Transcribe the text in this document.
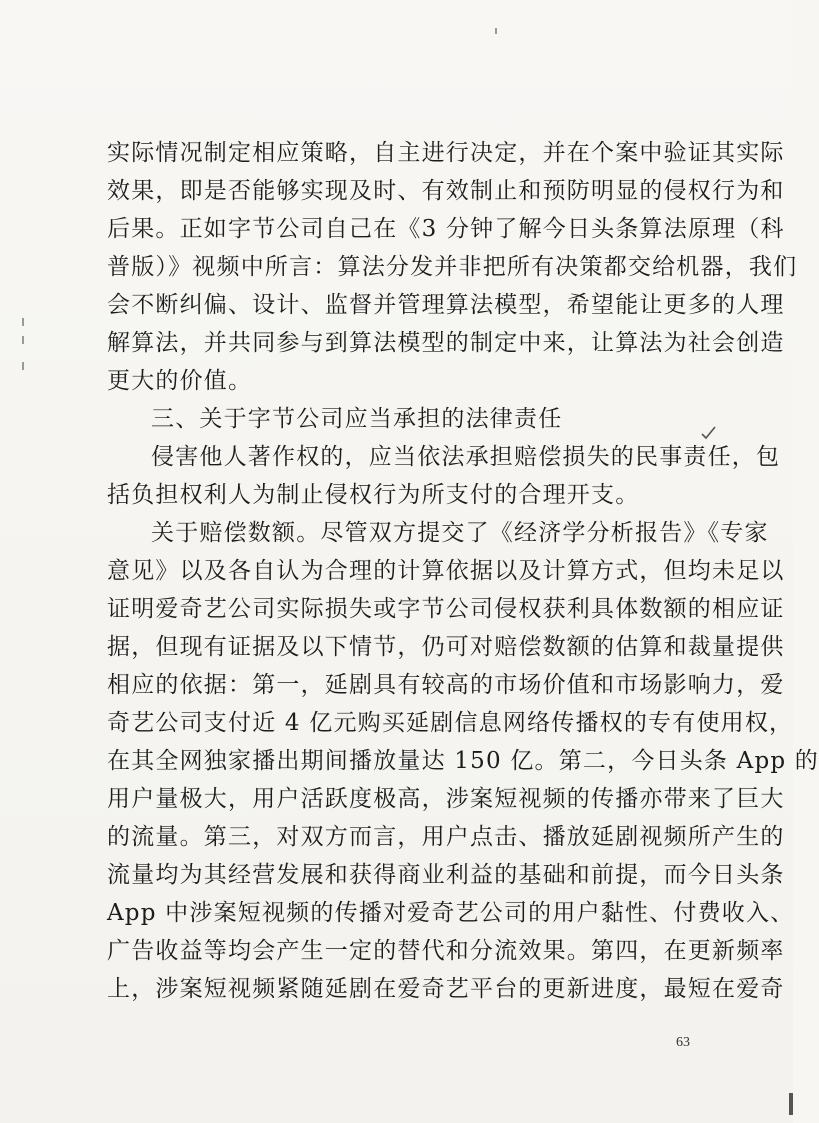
实际情况制定相应策略，自主进行决定，并在个案中验证其实际
效果，即是否能够实现及时、有效制止和预防明显的侵权行为和
后果。正如字节公司自己在《3 分钟了解今日头条算法原理（科
普版）》视频中所言：算法分发并非把所有决策都交给机器，我们
会不断纠偏、设计、监督并管理算法模型，希望能让更多的人理
解算法，并共同参与到算法模型的制定中来，让算法为社会创造
更大的价值。
三、关于字节公司应当承担的法律责任
侵害他人著作权的，应当依法承担赔偿损失的民事责任，包
括负担权利人为制止侵权行为所支付的合理开支。
关于赔偿数额。尽管双方提交了《经济学分析报告》《专家
意见》以及各自认为合理的计算依据以及计算方式，但均未足以
证明爱奇艺公司实际损失或字节公司侵权获利具体数额的相应证
据，但现有证据及以下情节，仍可对赔偿数额的估算和裁量提供
相应的依据：第一，延剧具有较高的市场价值和市场影响力，爱
奇艺公司支付近 4 亿元购买延剧信息网络传播权的专有使用权，
在其全网独家播出期间播放量达 150 亿。第二，今日头条 App 的
用户量极大，用户活跃度极高，涉案短视频的传播亦带来了巨大
的流量。第三，对双方而言，用户点击、播放延剧视频所产生的
流量均为其经营发展和获得商业利益的基础和前提，而今日头条
App 中涉案短视频的传播对爱奇艺公司的用户黏性、付费收入、
广告收益等均会产生一定的替代和分流效果。第四，在更新频率
上，涉案短视频紧随延剧在爱奇艺平台的更新进度，最短在爱奇
63
